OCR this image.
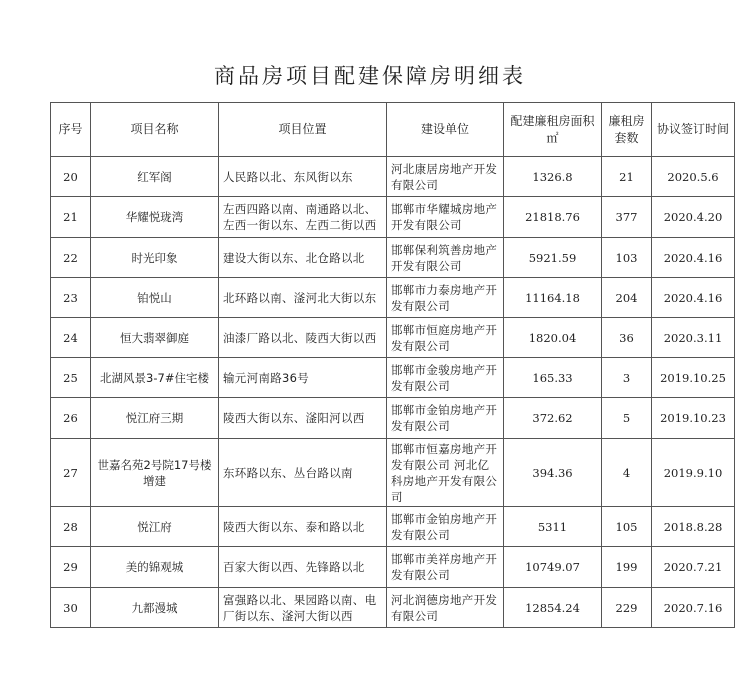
商品房项目配建保障房明细表
序号	项目名称	项目位置	建设单位	配建廉租房面积㎡	廉租房套数	协议签订时间
20	红军阁	人民路以北、东风街以东	河北康居房地产开发有限公司	1326.8	21	2020.5.6
21	华耀悦珑湾	左西四路以南、南通路以北、左西一街以东、左西二街以西	邯郸市华耀城房地产开发有限公司	21818.76	377	2020.4.20
22	时光印象	建设大街以东、北仓路以北	邯郸保利筑善房地产开发有限公司	5921.59	103	2020.4.16
23	铂悦山	北环路以南、滏河北大街以东	邯郸市力泰房地产开发有限公司	11164.18	204	2020.4.16
24	恒大翡翠御庭	油漆厂路以北、陵西大街以西	邯郸市恒庭房地产开发有限公司	1820.04	36	2020.3.11
25	北湖风景3-7#住宅楼	输元河南路36号	邯郸市金骏房地产开发有限公司	165.33	3	2019.10.25
26	悦江府三期	陵西大街以东、滏阳河以西	邯郸市金铂房地产开发有限公司	372.62	5	2019.10.23
27	世嘉名苑2号院17号楼增建	东环路以东、丛台路以南	邯郸市恒嘉房地产开发有限公司 河北亿科房地产开发有限公司	394.36	4	2019.9.10
28	悦江府	陵西大街以东、泰和路以北	邯郸市金铂房地产开发有限公司	5311	105	2018.8.28
29	美的锦观城	百家大街以西、先锋路以北	邯郸市美祥房地产开发有限公司	10749.07	199	2020.7.21
30	九都漫城	富强路以北、果园路以南、电厂街以东、滏河大街以西	河北润德房地产开发有限公司	12854.24	229	2020.7.16
